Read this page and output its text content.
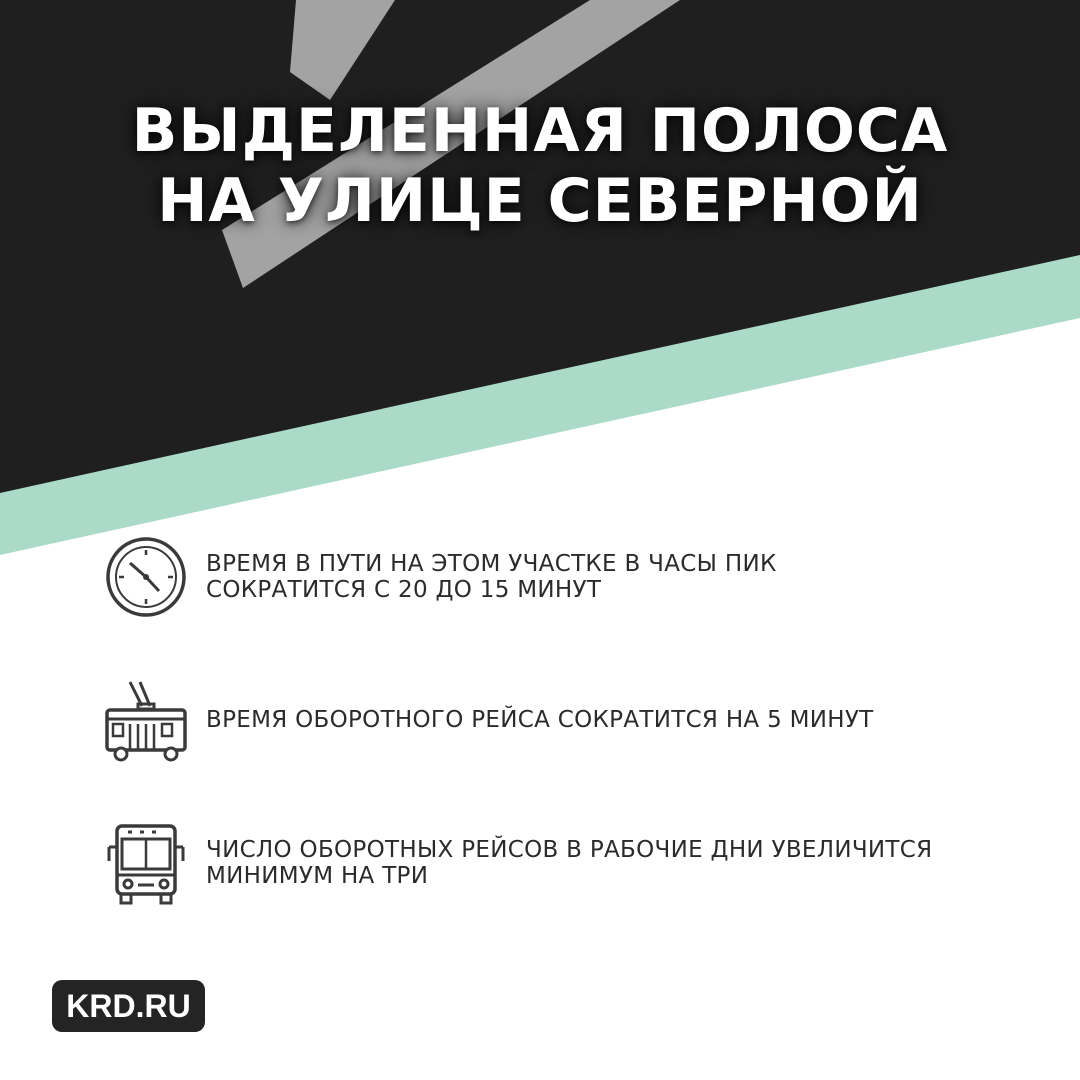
ВЫДЕЛЕННАЯ ПОЛОСА
НА УЛИЦЕ СЕВЕРНОЙ
ВРЕМЯ В ПУТИ НА ЭТОМ УЧАСТКЕ В ЧАСЫ ПИК
СОКРАТИТСЯ С 20 ДО 15 МИНУТ
ВРЕМЯ ОБОРОТНОГО РЕЙСА СОКРАТИТСЯ НА 5 МИНУТ
ЧИСЛО ОБОРОТНЫХ РЕЙСОВ В РАБОЧИЕ ДНИ УВЕЛИЧИТСЯ
МИНИМУМ НА ТРИ
KRD.RU
